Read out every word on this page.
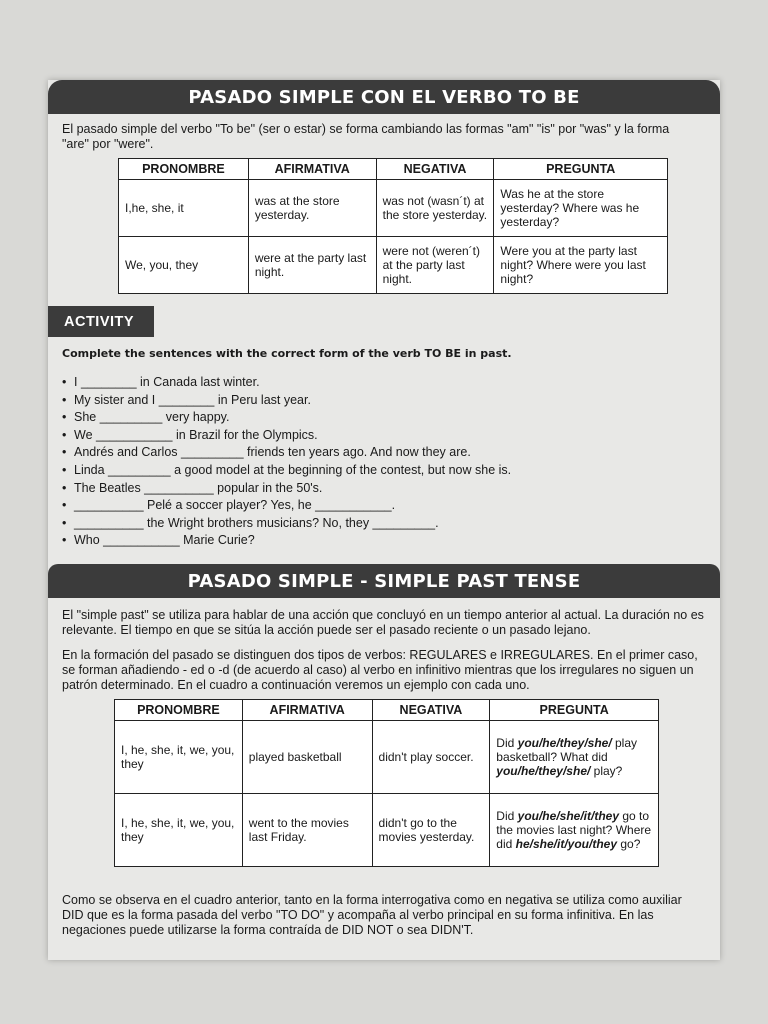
PASADO SIMPLE CON EL VERBO TO BE

El pasado simple del verbo "To be" (ser o estar) se forma cambiando las formas "am" "is" por "was" y la forma

"are" por "were".

PRONOMBRE	AFIRMATIVA	NEGATIVA	PREGUNTA
I,he, she, it	was at the store yesterday.	was not (wasn´t) at the store yesterday.	Was he at the store yesterday? Where was he yesterday?
We, you, they	were at the party last night.	were not (weren´t) at the party last night.	Were you at the party last night? Where were you last night?
ACTIVITY
Complete the sentences with the correct form of the verb TO BE in past.
• I ________ in Canada last winter.
• My sister and I ________ in Peru last year.
• She _________ very happy.
• We ___________ in Brazil for the Olympics.
• Andrés and Carlos _________ friends ten years ago. And now they are.
• Linda _________ a good model at the beginning of the contest, but now she is.
• The Beatles __________ popular in the 50's.
• __________ Pelé a soccer player? Yes, he ___________.
• __________ the Wright brothers musicians? No, they _________.
• Who ___________ Marie Curie?
PASADO SIMPLE - SIMPLE PAST TENSE

El "simple past" se utiliza para hablar de una acción que concluyó en un tiempo anterior al actual. La duración no es relevante. El tiempo en que se sitúa la acción puede ser el pasado reciente o un pasado lejano.

En la formación del pasado se distinguen dos tipos de verbos: REGULARES e IRREGULARES. En el primer caso, se forman añadiendo - ed o -d (de acuerdo al caso) al verbo en infinitivo mientras que los irregulares no siguen un patrón determinado. En el cuadro a continuación veremos un ejemplo con cada uno.

PRONOMBRE	AFIRMATIVA	NEGATIVA	PREGUNTA
I, he, she, it, we, you, they	played basketball	didn't play soccer.	Did you/he/they/she/ play basketball? What did you/he/they/she/ play?
I, he, she, it, we, you, they	went to the movies last Friday.	didn't go to the movies yesterday.	Did you/he/she/it/they go to the movies last night? Where did he/she/it/you/they go?

Como se observa en el cuadro anterior, tanto en la forma interrogativa como en negativa se utiliza como auxiliar DID que es la forma pasada del verbo "TO DO" y acompaña al verbo principal en su forma infinitiva. En las negaciones puede utilizarse la forma contraída de DID NOT o sea DIDN'T.
